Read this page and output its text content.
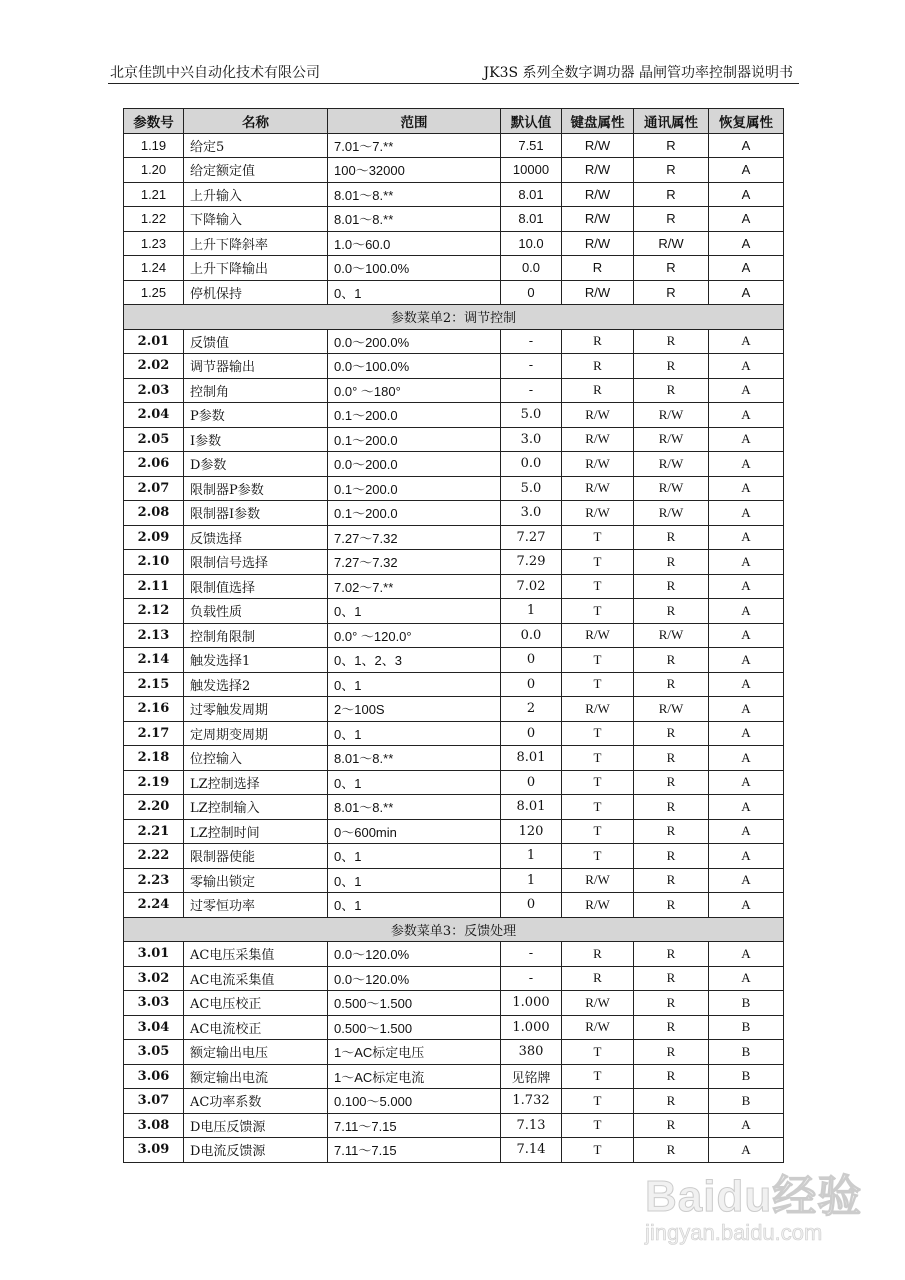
北京佳凯中兴自动化技术有限公司	JK3S 系列全数字调功器 晶闸管功率控制器说明书
参数号	名称	范围	默认值	键盘属性	通讯属性	恢复属性
1.19	给定5	7.01～7.**	7.51	R/W	R	A
1.20	给定额定值	100～32000	10000	R/W	R	A
1.21	上升输入	8.01～8.**	8.01	R/W	R	A
1.22	下降输入	8.01～8.**	8.01	R/W	R	A
1.23	上升下降斜率	1.0～60.0	10.0	R/W	R/W	A
1.24	上升下降输出	0.0～100.0%	0.0	R	R	A
1.25	停机保持	0、1	0	R/W	R	A
参数菜单2：调节控制						
2.01	反馈值	0.0～200.0%	-	R	R	A
2.02	调节器输出	0.0～100.0%	-	R	R	A
2.03	控制角	0.0° ～180°	-	R	R	A
2.04	P参数	0.1～200.0	5.0	R/W	R/W	A
2.05	I参数	0.1～200.0	3.0	R/W	R/W	A
2.06	D参数	0.0～200.0	0.0	R/W	R/W	A
2.07	限制器P参数	0.1～200.0	5.0	R/W	R/W	A
2.08	限制器I参数	0.1～200.0	3.0	R/W	R/W	A
2.09	反馈选择	7.27～7.32	7.27	T	R	A
2.10	限制信号选择	7.27～7.32	7.29	T	R	A
2.11	限制值选择	7.02～7.**	7.02	T	R	A
2.12	负载性质	0、1	1	T	R	A
2.13	控制角限制	0.0° ～120.0°	0.0	R/W	R/W	A
2.14	触发选择1	0、1、2、3	0	T	R	A
2.15	触发选择2	0、1	0	T	R	A
2.16	过零触发周期	2～100S	2	R/W	R/W	A
2.17	定周期变周期	0、1	0	T	R	A
2.18	位控输入	8.01～8.**	8.01	T	R	A
2.19	LZ控制选择	0、1	0	T	R	A
2.20	LZ控制输入	8.01～8.**	8.01	T	R	A
2.21	LZ控制时间	0～600min	120	T	R	A
2.22	限制器使能	0、1	1	T	R	A
2.23	零输出锁定	0、1	1	R/W	R	A
2.24	过零恒功率	0、1	0	R/W	R	A
参数菜单3：反馈处理						
3.01	AC电压采集值	0.0～120.0%	-	R	R	A
3.02	AC电流采集值	0.0～120.0%	-	R	R	A
3.03	AC电压校正	0.500～1.500	1.000	R/W	R	B
3.04	AC电流校正	0.500～1.500	1.000	R/W	R	B
3.05	额定输出电压	1～AC标定电压	380	T	R	B
3.06	额定输出电流	1～AC标定电流	见铭牌	T	R	B
3.07	AC功率系数	0.100～5.000	1.732	T	R	B
3.08	D电压反馈源	7.11～7.15	7.13	T	R	A
3.09	D电流反馈源	7.11～7.15	7.14	T	R	A
Baidu经验
jingyan.baidu.com
